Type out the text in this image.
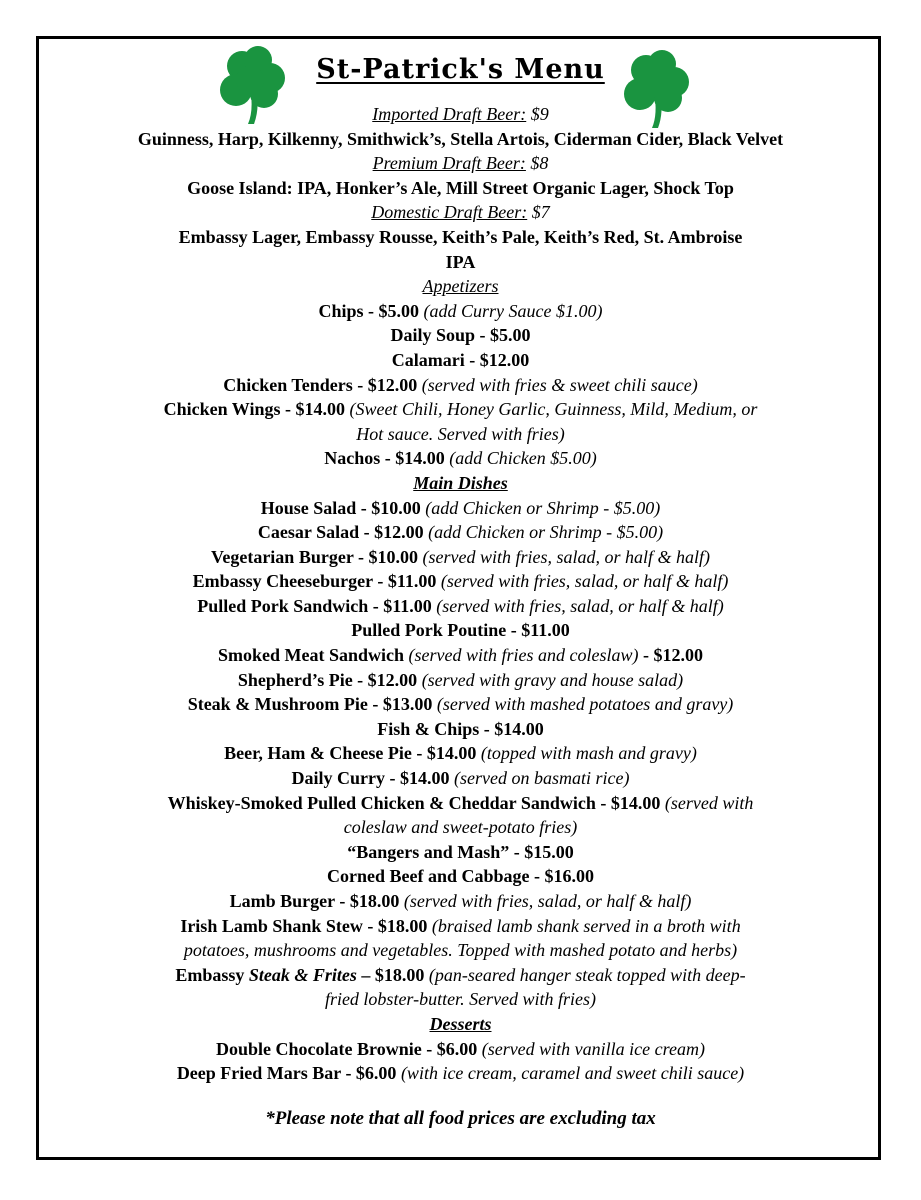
St-Patrick's Menu
Imported Draft Beer: $9
Guinness, Harp, Kilkenny, Smithwick’s, Stella Artois, Ciderman Cider, Black Velvet
Premium Draft Beer: $8
Goose Island: IPA, Honker’s Ale, Mill Street Organic Lager, Shock Top
Domestic Draft Beer: $7
Embassy Lager, Embassy Rousse, Keith’s Pale, Keith’s Red, St. Ambroise
IPA
Appetizers
Chips - $5.00 (add Curry Sauce $1.00)
Daily Soup - $5.00
Calamari - $12.00
Chicken Tenders - $12.00 (served with fries & sweet chili sauce)
Chicken Wings - $14.00 (Sweet Chili, Honey Garlic, Guinness, Mild, Medium, or
Hot sauce. Served with fries)
Nachos - $14.00 (add Chicken $5.00)
Main Dishes
House Salad - $10.00 (add Chicken or Shrimp - $5.00)
Caesar Salad - $12.00 (add Chicken or Shrimp - $5.00)
Vegetarian Burger - $10.00 (served with fries, salad, or half & half)
Embassy Cheeseburger - $11.00 (served with fries, salad, or half & half)
Pulled Pork Sandwich - $11.00 (served with fries, salad, or half & half)
Pulled Pork Poutine - $11.00
Smoked Meat Sandwich (served with fries and coleslaw) - $12.00
Shepherd’s Pie - $12.00 (served with gravy and house salad)
Steak & Mushroom Pie - $13.00 (served with mashed potatoes and gravy)
Fish & Chips - $14.00
Beer, Ham & Cheese Pie - $14.00 (topped with mash and gravy)
Daily Curry - $14.00 (served on basmati rice)
Whiskey-Smoked Pulled Chicken & Cheddar Sandwich - $14.00 (served with
coleslaw and sweet-potato fries)
“Bangers and Mash” - $15.00
Corned Beef and Cabbage - $16.00
Lamb Burger - $18.00 (served with fries, salad, or half & half)
Irish Lamb Shank Stew - $18.00 (braised lamb shank served in a broth with
potatoes, mushrooms and vegetables. Topped with mashed potato and herbs)
Embassy Steak & Frites – $18.00 (pan-seared hanger steak topped with deep-
fried lobster-butter. Served with fries)
Desserts
Double Chocolate Brownie - $6.00 (served with vanilla ice cream)
Deep Fried Mars Bar - $6.00 (with ice cream, caramel and sweet chili sauce)
*Please note that all food prices are excluding tax
